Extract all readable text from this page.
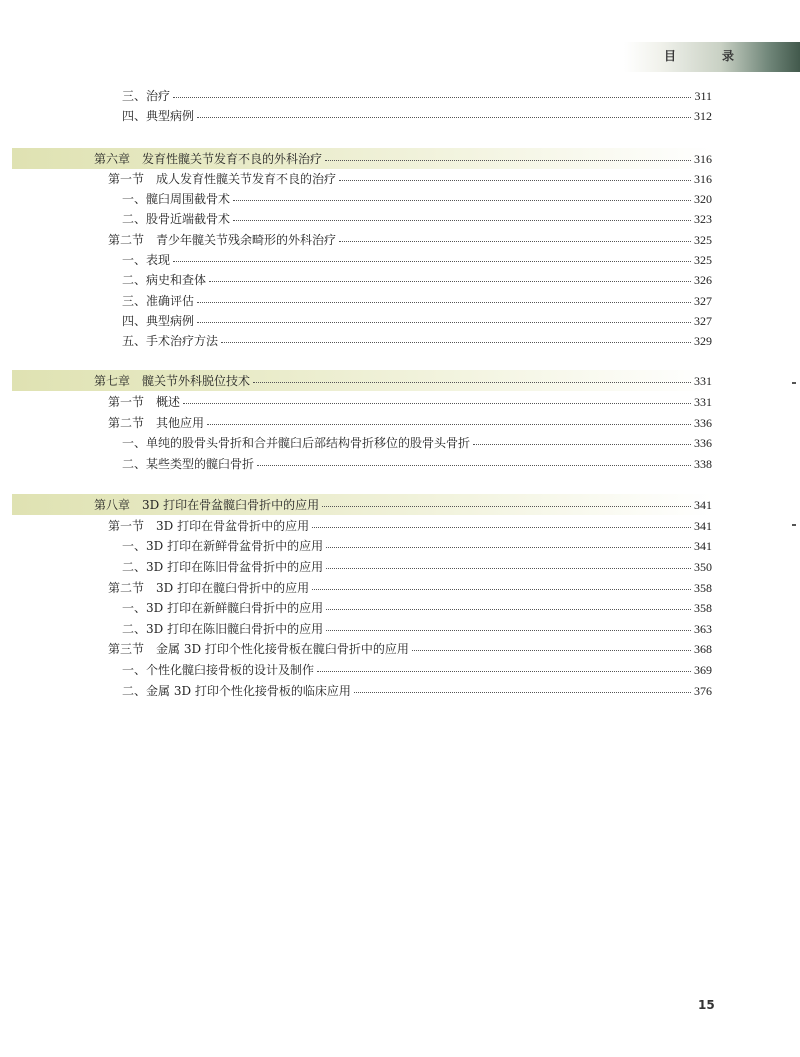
目	录
三、治疗	311
四、典型病例	312
第六章　发育性髋关节发育不良的外科治疗	316
第一节　成人发育性髋关节发育不良的治疗	316
一、髋臼周围截骨术	320
二、股骨近端截骨术	323
第二节　青少年髋关节残余畸形的外科治疗	325
一、表现	325
二、病史和查体	326
三、准确评估	327
四、典型病例	327
五、手术治疗方法	329
第七章　髋关节外科脱位技术	331
第一节　概述	331
第二节　其他应用	336
一、单纯的股骨头骨折和合并髋臼后部结构骨折移位的股骨头骨折	336
二、某些类型的髋臼骨折	338
第八章　3D 打印在骨盆髋臼骨折中的应用	341
第一节　3D 打印在骨盆骨折中的应用	341
一、3D 打印在新鲜骨盆骨折中的应用	341
二、3D 打印在陈旧骨盆骨折中的应用	350
第二节　3D 打印在髋臼骨折中的应用	358
一、3D 打印在新鲜髋臼骨折中的应用	358
二、3D 打印在陈旧髋臼骨折中的应用	363
第三节　金属 3D 打印个性化接骨板在髋臼骨折中的应用	368
一、个性化髋臼接骨板的设计及制作	369
二、金属 3D 打印个性化接骨板的临床应用	376
15
